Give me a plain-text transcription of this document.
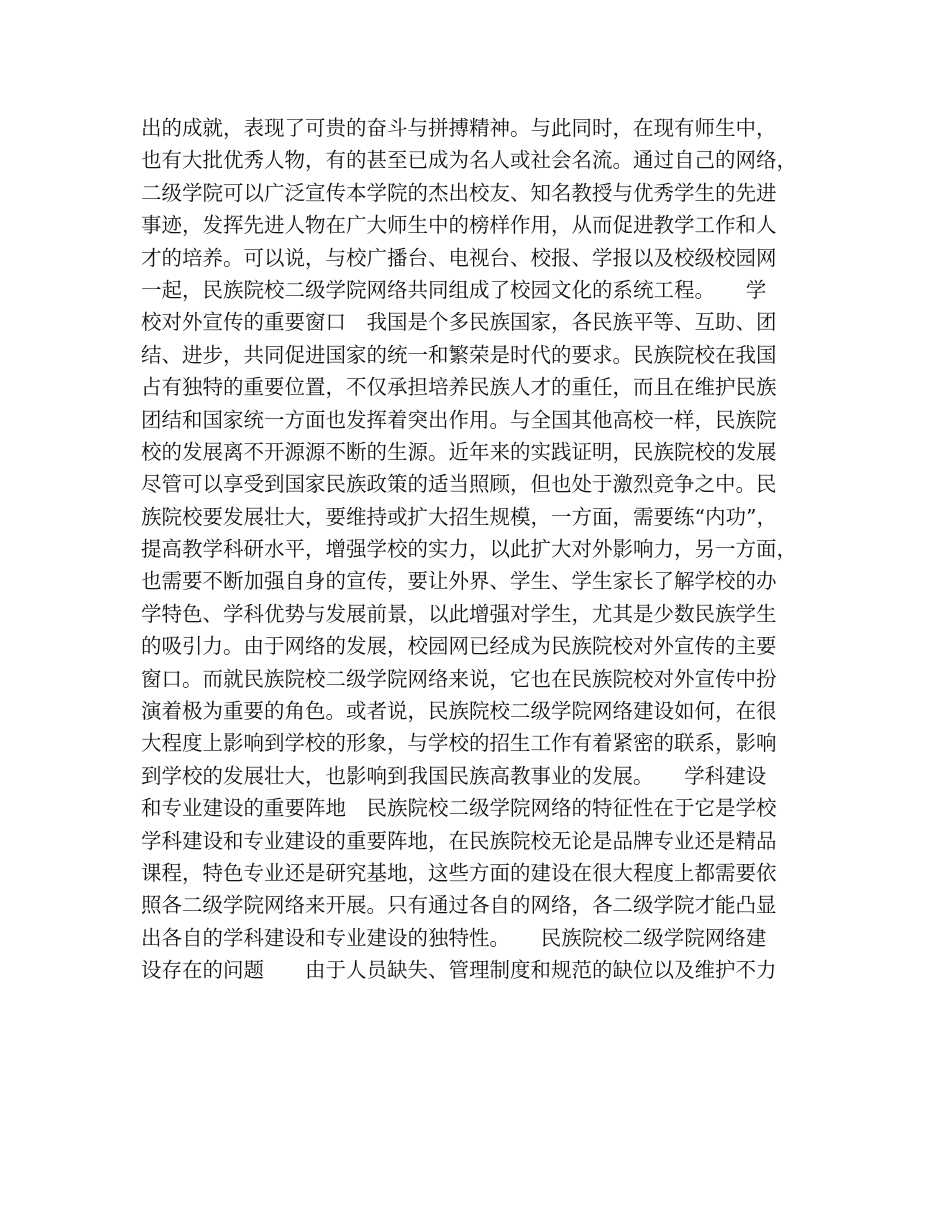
出的成就，表现了可贵的奋斗与拼搏精神。与此同时，在现有师生中，
也有大批优秀人物，有的甚至已成为名人或社会名流。通过自己的网络，
二级学院可以广泛宣传本学院的杰出校友、知名教授与优秀学生的先进
事迹，发挥先进人物在广大师生中的榜样作用，从而促进教学工作和人
才的培养。可以说，与校广播台、电视台、校报、学报以及校级校园网
一起，民族院校二级学院网络共同组成了校园文化的系统工程。　　学
校对外宣传的重要窗口　我国是个多民族国家，各民族平等、互助、团
结、进步，共同促进国家的统一和繁荣是时代的要求。民族院校在我国
占有独特的重要位置，不仅承担培养民族人才的重任，而且在维护民族
团结和国家统一方面也发挥着突出作用。与全国其他高校一样，民族院
校的发展离不开源源不断的生源。近年来的实践证明，民族院校的发展
尽管可以享受到国家民族政策的适当照顾，但也处于激烈竞争之中。民
族院校要发展壮大，要维持或扩大招生规模，一方面，需要练“内功”，
提高教学科研水平，增强学校的实力，以此扩大对外影响力，另一方面，
也需要不断加强自身的宣传，要让外界、学生、学生家长了解学校的办
学特色、学科优势与发展前景，以此增强对学生，尤其是少数民族学生
的吸引力。由于网络的发展，校园网已经成为民族院校对外宣传的主要
窗口。而就民族院校二级学院网络来说，它也在民族院校对外宣传中扮
演着极为重要的角色。或者说，民族院校二级学院网络建设如何，在很
大程度上影响到学校的形象，与学校的招生工作有着紧密的联系，影响
到学校的发展壮大，也影响到我国民族高教事业的发展。　　学科建设
和专业建设的重要阵地　民族院校二级学院网络的特征性在于它是学校
学科建设和专业建设的重要阵地，在民族院校无论是品牌专业还是精品
课程，特色专业还是研究基地，这些方面的建设在很大程度上都需要依
照各二级学院网络来开展。只有通过各自的网络，各二级学院才能凸显
出各自的学科建设和专业建设的独特性。　　民族院校二级学院网络建
设存在的问题　　由于人员缺失、管理制度和规范的缺位以及维护不力
